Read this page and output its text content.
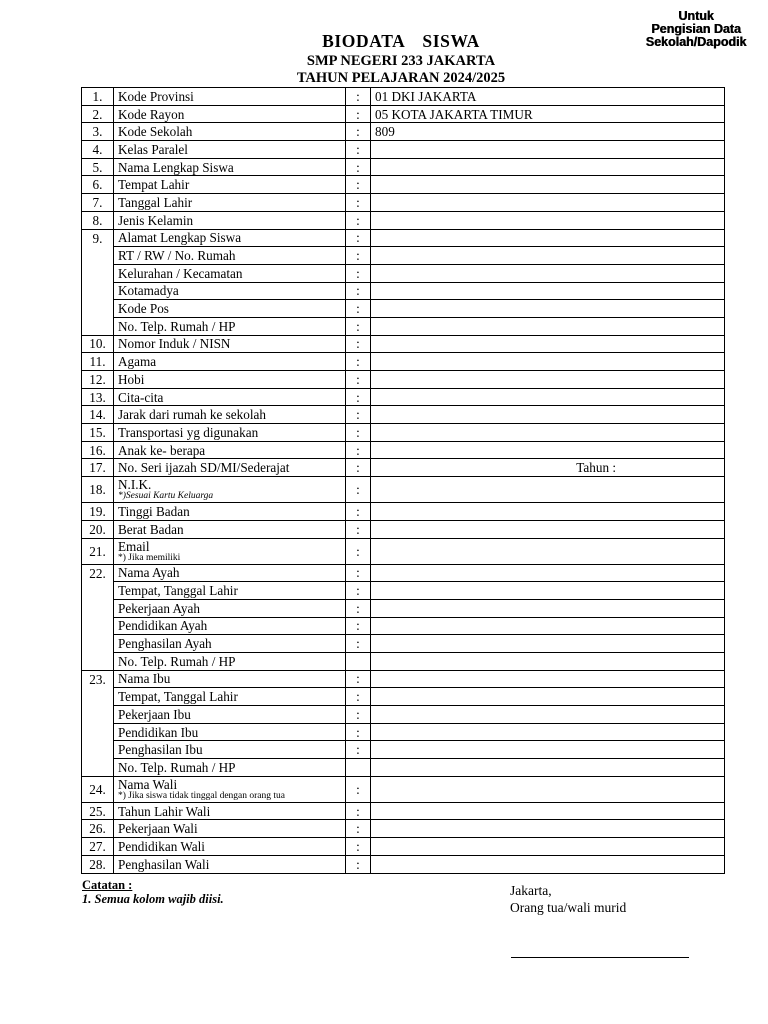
Untuk
Pengisian Data
Sekolah/Dapodik
BIODATA  SISWA
SMP NEGERI 233 JAKARTA
TAHUN PELAJARAN 2024/2025
1.	Kode Provinsi	:	01 DKI JAKARTA
2.	Kode Rayon	:	05 KOTA JAKARTA TIMUR
3.	Kode Sekolah	:	809
4.	Kelas Paralel	:	
5.	Nama Lengkap Siswa	:	
6.	Tempat Lahir	:	
7.	Tanggal Lahir	:	
8.	Jenis Kelamin	:	
9.	Alamat Lengkap Siswa	:	
	RT / RW / No. Rumah	:	
	Kelurahan / Kecamatan	:	
	Kotamadya	:	
	Kode Pos	:	
	No. Telp. Rumah / HP	:	
10.	Nomor Induk / NISN	:	
11.	Agama	:	
12.	Hobi	:	
13.	Cita-cita	:	
14.	Jarak dari rumah ke sekolah	:	
15.	Transportasi yg digunakan	:	
16.	Anak ke- berapa	:	
17.	No. Seri ijazah SD/MI/Sederajat	:	Tahun :
18.	N.I.K.
*)Sesuai Kartu Keluarga	:	
19.	Tinggi Badan	:	
20.	Berat Badan	:	
21.	Email
*) Jika memiliki	:	
22.	Nama Ayah	:	
	Tempat, Tanggal Lahir	:	
	Pekerjaan Ayah	:	
	Pendidikan Ayah	:	
	Penghasilan Ayah	:	
	No. Telp. Rumah / HP		
23.	Nama Ibu	:	
	Tempat, Tanggal Lahir	:	
	Pekerjaan Ibu	:	
	Pendidikan Ibu	:	
	Penghasilan Ibu	:	
	No. Telp. Rumah / HP		
24.	Nama Wali
*) Jika siswa tidak tinggal dengan orang tua	:	
25.	Tahun Lahir Wali	:	
26.	Pekerjaan Wali	:	
27.	Pendidikan Wali	:	
28.	Penghasilan Wali	:	
Catatan :
1. Semua kolom wajib diisi.
Jakarta,
Orang tua/wali murid
